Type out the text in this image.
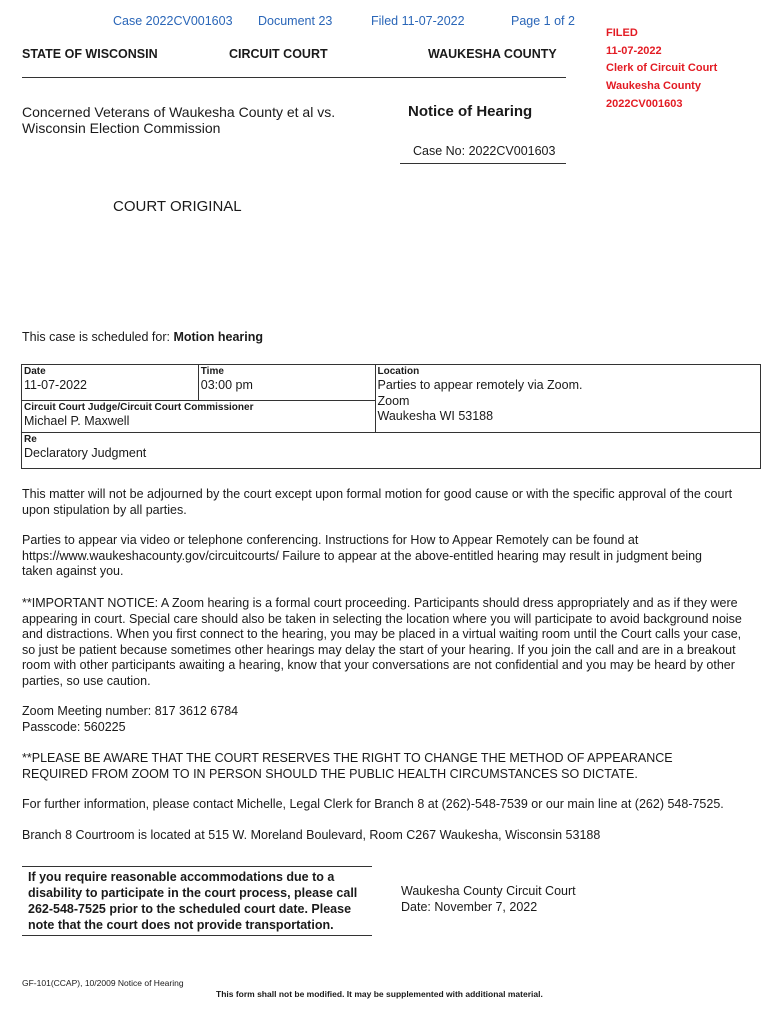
Case 2022CV001603 Document 23	Filed 11-07-2022	Page 1 of 2
FILED
11-07-2022
Clerk of Circuit Court
Waukesha County
2022CV001603
STATE OF WISCONSIN	CIRCUIT COURT	WAUKESHA COUNTY
Concerned Veterans of Waukesha County et al vs.
Wisconsin Election Commission
Notice of Hearing
Case No: 2022CV001603
COURT ORIGINAL
This case is scheduled for: Motion hearing
Date
11-07-2022

Time
03:00 pm

Location
Parties to appear remotely via Zoom.
Zoom
Waukesha WI 53188

Circuit Court Judge/Circuit Court Commissioner
Michael P. Maxwell

Re
Declaratory Judgment

This matter will not be adjourned by the court except upon formal motion for good cause or with the specific approval of the court upon stipulation by all parties.

Parties to appear via video or telephone conferencing. Instructions for How to Appear Remotely can be found at
https://www.waukeshacounty.gov/circuitcourts/ Failure to appear at the above-entitled hearing may result in judgment being
taken against you.

**IMPORTANT NOTICE: A Zoom hearing is a formal court proceeding. Participants should dress appropriately and as if they were appearing in court. Special care should also be taken in selecting the location where you will participate to avoid background noise and distractions. When you first connect to the hearing, you may be placed in a virtual waiting room until the Court calls your case, so just be patient because sometimes other hearings may delay the start of your hearing. If you join the call and are in a breakout room with other participants awaiting a hearing, know that your conversations are not confidential and you may be heard by other parties, so use caution.

Zoom Meeting number: 817 3612 6784
Passcode: 560225
**PLEASE BE AWARE THAT THE COURT RESERVES THE RIGHT TO CHANGE THE METHOD OF APPEARANCE
REQUIRED FROM ZOOM TO IN PERSON SHOULD THE PUBLIC HEALTH CIRCUMSTANCES SO DICTATE.

For further information, please contact Michelle, Legal Clerk for Branch 8 at (262)-548-7539 or our main line at (262) 548-7525.

Branch 8 Courtroom is located at 515 W. Moreland Boulevard, Room C267 Waukesha, Wisconsin 53188

If you require reasonable accommodations due to a
disability to participate in the court process, please call
262-548-7525 prior to the scheduled court date. Please
note that the court does not provide transportation.
Waukesha County Circuit Court
Date: November 7, 2022
GF-101(CCAP), 10/2009 Notice of Hearing
This form shall not be modified. It may be supplemented with additional material.
